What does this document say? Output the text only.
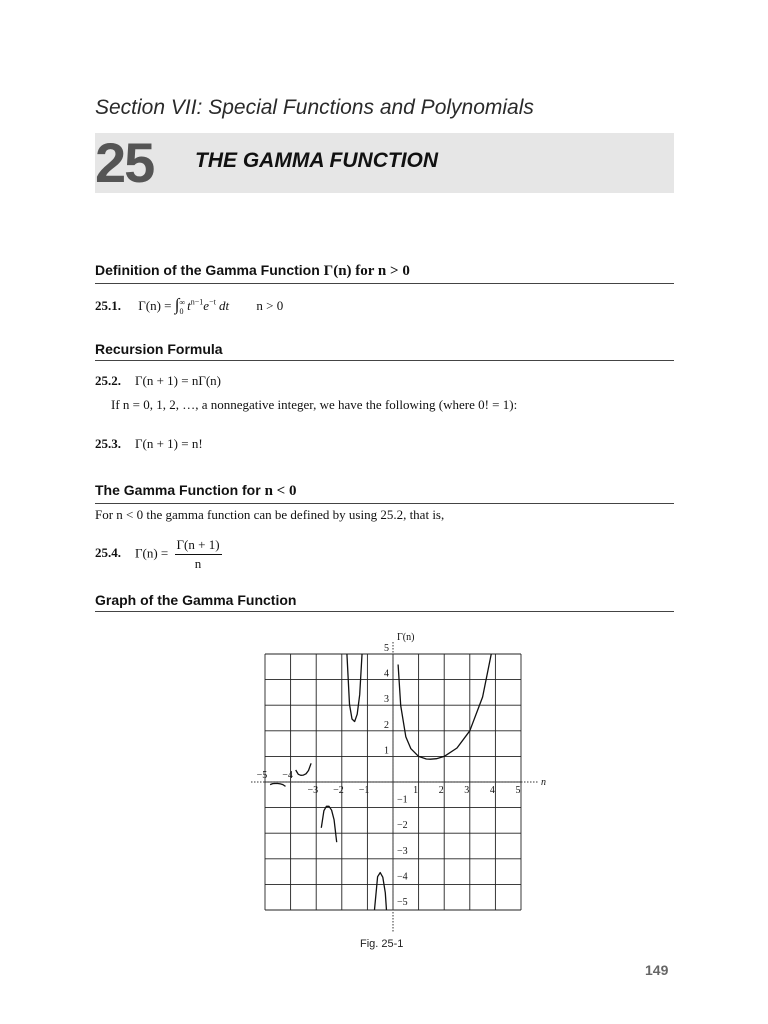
Section VII: Special Functions and Polynomials
25 THE GAMMA FUNCTION
Definition of the Gamma Function Γ(n) for n > 0
25.1. Γ(n) = ∫ ∞
0 $t^{n-1}e^{-t}$ dt n > 0
Recursion Formula
25.2. Γ(n + 1) = nΓ(n)
If n = 0, 1, 2, …, a nonnegative integer, we have the following (where 0! = 1):
25.3. Γ(n + 1) = n!
The Gamma Function for n < 0
For n < 0 the gamma function can be defined by using 25.2, that is,
25.4. $\Gamma(n) = \frac{\Gamma(n + 1)}{n}$
Graph of the Gamma Function
−5 −4
−3 −2 −1	1 2 3 4 5
5
4
3
2
1
−1
−2
−3
−4
−5
n
Γ(n)
Fig. 25-1
149
